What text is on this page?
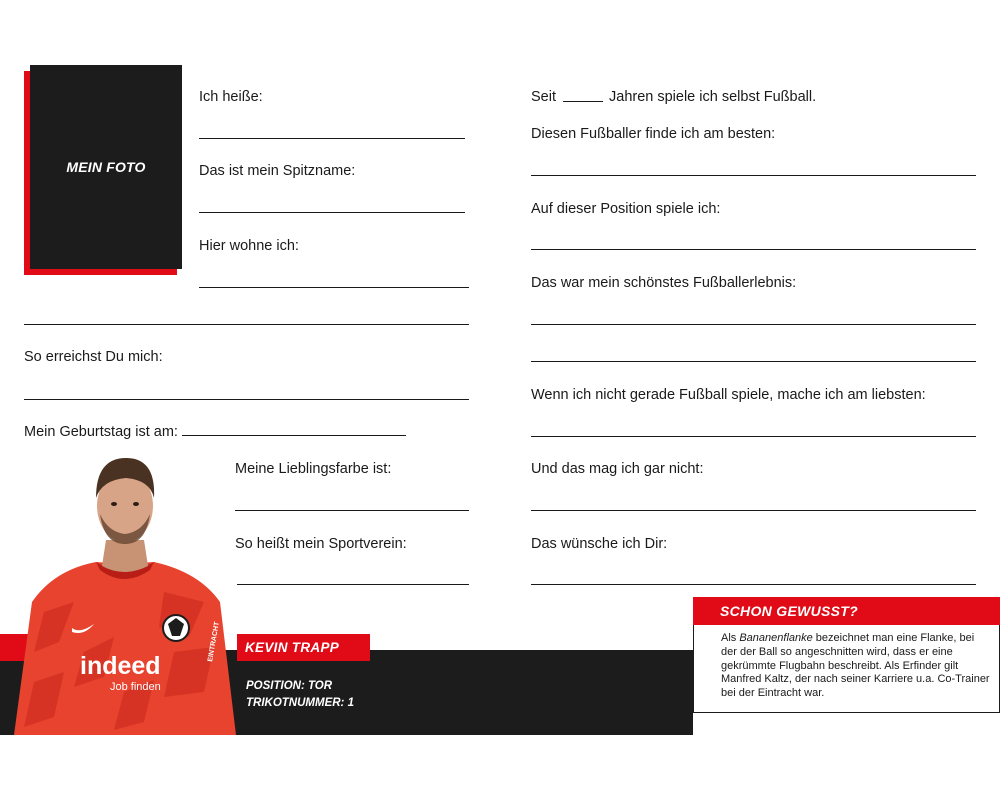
MEIN FOTO
Ich heiße:
Das ist mein Spitzname:
Hier wohne ich:
So erreichst Du mich:
Mein Geburtstag ist am:
Meine Lieblingsfarbe ist:
So heißt mein Sportverein:
Seit	Jahren spiele ich selbst Fußball.
Diesen Fußballer finde ich am besten:
Auf dieser Position spiele ich:
Das war mein schönstes Fußballerlebnis:
Wenn ich nicht gerade Fußball spiele, mache ich am liebsten:
Und das mag ich gar nicht:
Das wünsche ich Dir:
indeed
Job finden
EINTRACHT KEVIN TRAPP
POSITION: TOR
TRIKOTNUMMER: 1
SCHON GEWUSST?
Als Bananenflanke bezeichnet man eine Flanke, bei der der Ball so angeschnitten wird, dass er eine gekrümmte Flugbahn beschreibt. Als Erfinder gilt Manfred Kaltz, der nach seiner Karriere u.a. Co-Trainer bei der Eintracht war.
